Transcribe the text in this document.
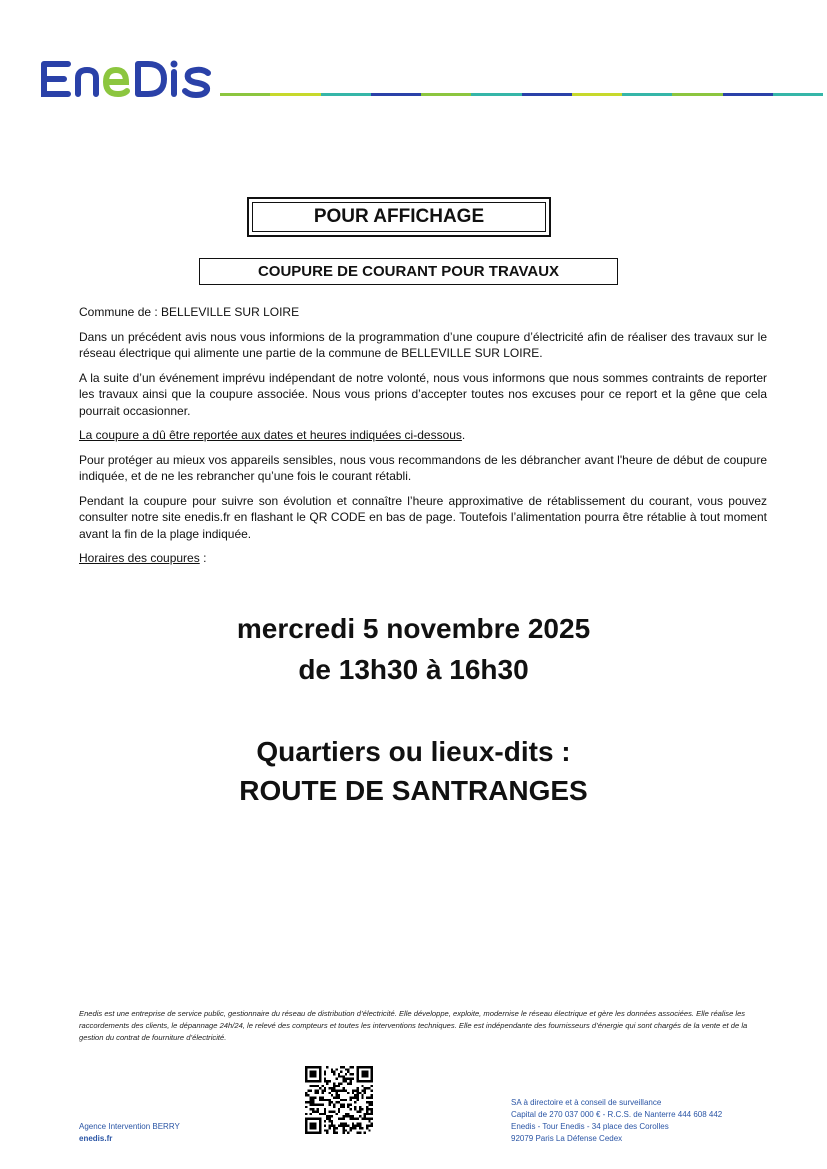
POUR AFFICHAGE
COUPURE DE COURANT POUR TRAVAUX

Commune de : BELLEVILLE SUR LOIRE

Dans un précédent avis nous vous informions de la programmation d’une coupure d’électricité afin de réaliser des travaux sur le réseau électrique qui alimente une partie de la commune de BELLEVILLE SUR LOIRE.

A la suite d’un événement imprévu indépendant de notre volonté, nous vous informons que nous sommes contraints de reporter les travaux ainsi que la coupure associée. Nous vous prions d’accepter toutes nos excuses pour ce report et la gêne que cela pourrait occasionner.

La coupure a dû être reportée aux dates et heures indiquées ci-dessous.

Pour protéger au mieux vos appareils sensibles, nous vous recommandons de les débrancher avant l'heure de début de coupure indiquée, et de ne les rebrancher qu’une fois le courant rétabli.

Pendant la coupure pour suivre son évolution et connaître l’heure approximative de rétablissement du courant, vous pouvez consulter notre site enedis.fr en flashant le QR CODE en bas de page. Toutefois l’alimentation pourra être rétablie à tout moment avant la fin de la plage indiquée.

Horaires des coupures :

mercredi 5 novembre 2025
de 13h30 à 16h30
Quartiers ou lieux-dits :
ROUTE DE SANTRANGES
Enedis est une entreprise de service public, gestionnaire du réseau de distribution d’électricité. Elle développe, exploite, modernise le réseau électrique et gère les données associées. Elle réalise les raccordements des clients, le dépannage 24h/24, le relevé des compteurs et toutes les interventions techniques. Elle est indépendante des fournisseurs d’énergie qui sont chargés de la vente et de la gestion du contrat de fourniture d’électricité.
Agence Intervention BERRY
enedis.fr
SA à directoire et à conseil de surveillance
Capital de 270 037 000 € - R.C.S. de Nanterre 444 608 442
Enedis - Tour Enedis - 34 place des Corolles
92079 Paris La Défense Cedex
